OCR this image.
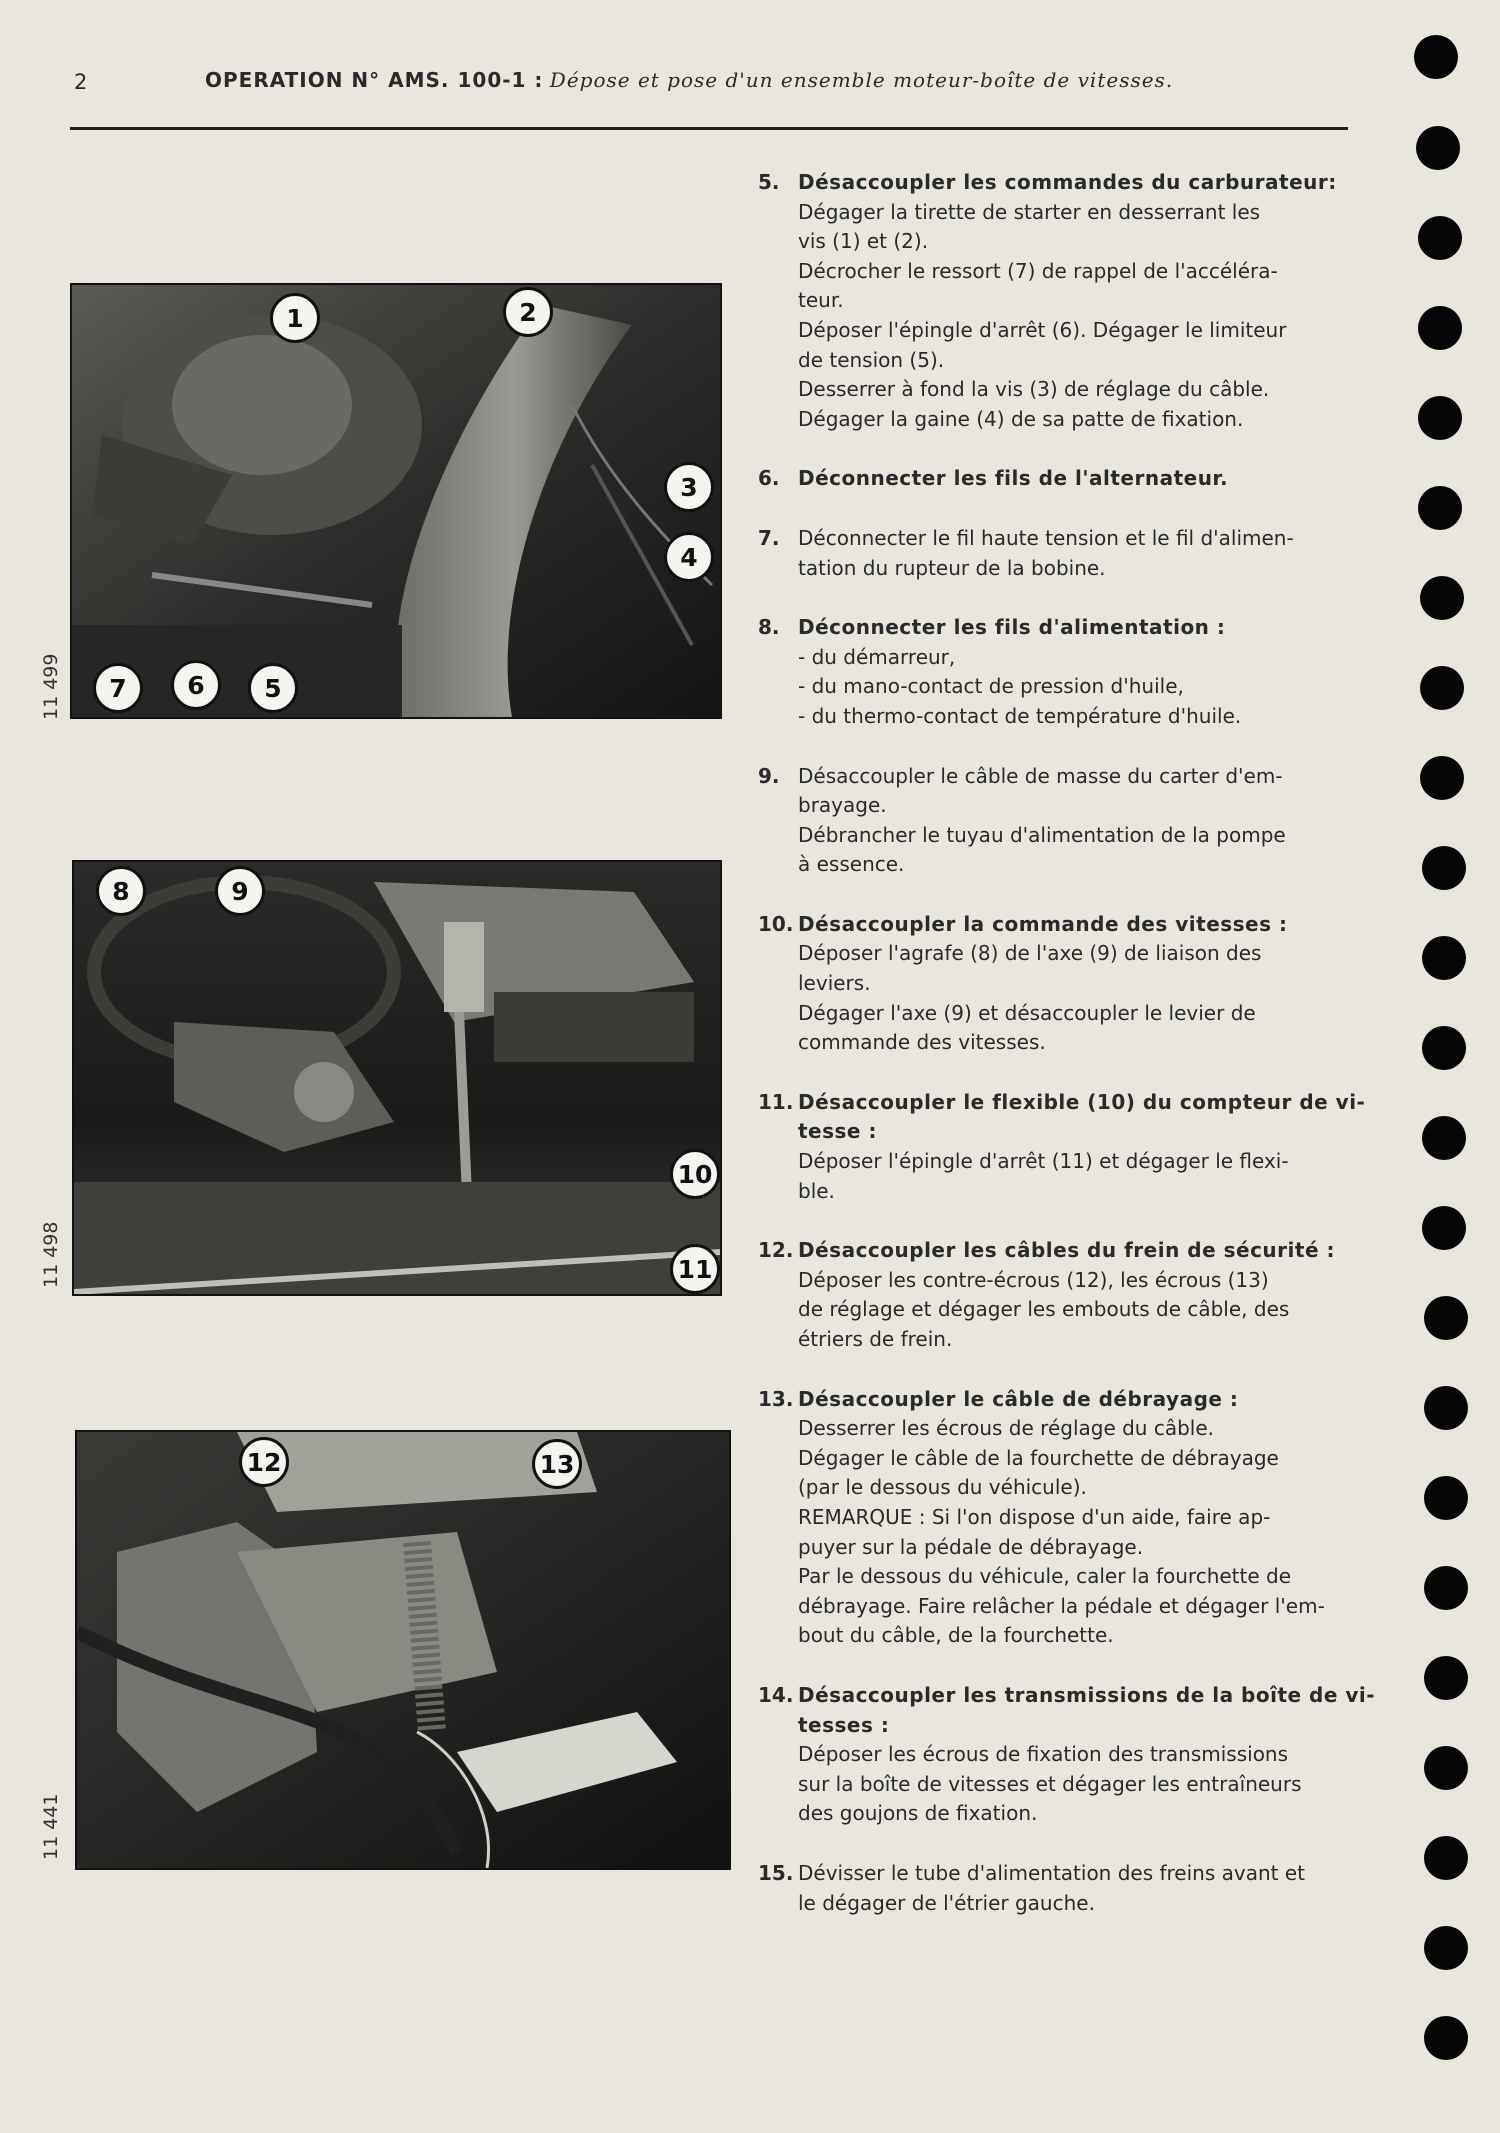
2	OPERATION N° AMS. 100-1 : Dépose et pose d'un ensemble moteur-boîte de vitesses.
1	2
3
4
7	6	5
11 499
8	9
10
11
11 498
12	13
11 441
5. Désaccoupler les commandes du carburateur:
Dégager la tirette de starter en desserrant les
vis (1) et (2).
Décrocher le ressort (7) de rappel de l'accéléra-
teur.
Déposer l'épingle d'arrêt (6). Dégager le limiteur
de tension (5).
Desserrer à fond la vis (3) de réglage du câble.
Dégager la gaine (4) de sa patte de fixation.
6. Déconnecter les fils de l'alternateur.
7. Déconnecter le fil haute tension et le fil d'alimen-
tation du rupteur de la bobine.
8. Déconnecter les fils d'alimentation :
- du démarreur,
- du mano-contact de pression d'huile,
- du thermo-contact de température d'huile.
9. Désaccoupler le câble de masse du carter d'em-
brayage.
Débrancher le tuyau d'alimentation de la pompe
à essence.
10. Désaccoupler la commande des vitesses :
Déposer l'agrafe (8) de l'axe (9) de liaison des
leviers.
Dégager l'axe (9) et désaccoupler le levier de
commande des vitesses.
11. Désaccoupler le flexible (10) du compteur de vi-
tesse :
Déposer l'épingle d'arrêt (11) et dégager le flexi-
ble.
12. Désaccoupler les câbles du frein de sécurité :
Déposer les contre-écrous (12), les écrous (13)
de réglage et dégager les embouts de câble, des
étriers de frein.
13. Désaccoupler le câble de débrayage :
Desserrer les écrous de réglage du câble.
Dégager le câble de la fourchette de débrayage
(par le dessous du véhicule).
REMARQUE : Si l'on dispose d'un aide, faire ap-
puyer sur la pédale de débrayage.
Par le dessous du véhicule, caler la fourchette de
débrayage. Faire relâcher la pédale et dégager l'em-
bout du câble, de la fourchette.
14. Désaccoupler les transmissions de la boîte de vi-
tesses :
Déposer les écrous de fixation des transmissions
sur la boîte de vitesses et dégager les entraîneurs
des goujons de fixation.
15. Dévisser le tube d'alimentation des freins avant et
le dégager de l'étrier gauche.
